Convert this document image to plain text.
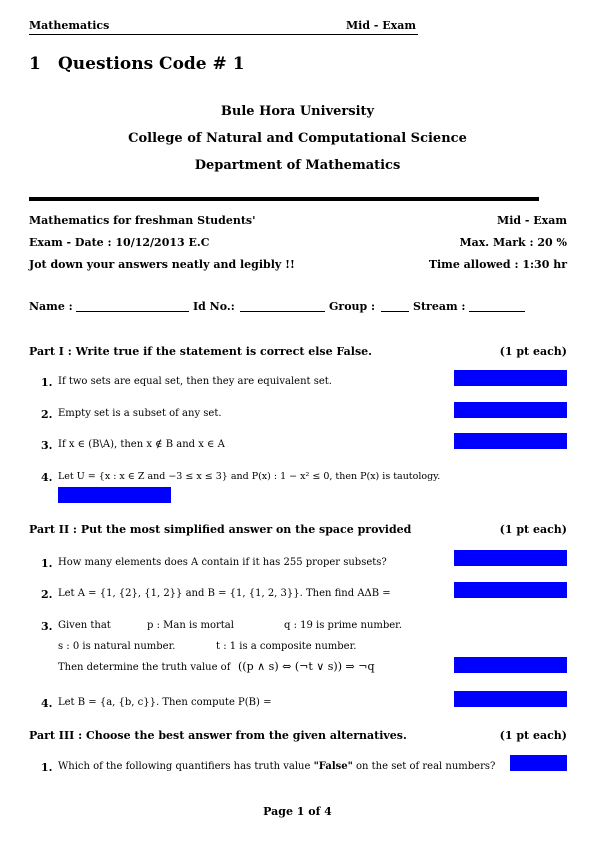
Mathematics	Mid - Exam
1 Questions Code # 1
Bule Hora University
College of Natural and Computational Science
Department of Mathematics
Mathematics for freshman Students'	Mid - Exam
Exam - Date : 10/12/2013 E.C	Max. Mark : 20 %
Jot down your answers neatly and legibly !!	Time allowed : 1:30 hr
Name :	Id No.:	Group :	Stream :
Part I : Write true if the statement is correct else False.	(1 pt each)
1. If two sets are equal set, then they are equivalent set.
2. Empty set is a subset of any set.
3. If x ∈ (B\A), then x ∉ B and x ∈ A
4. Let U = {x : x ∈ Z and −3 ≤ x ≤ 3} and P(x) : 1 − x² ≤ 0, then P(x) is tautology.
Part II : Put the most simplified answer on the space provided	(1 pt each)
1. How many elements does A contain if it has 255 proper subsets?
2. Let A = {1, {2}, {1, 2}} and B = {1, {1, 2, 3}}. Then find AΔB =
3. Given that	p : Man is mortal	q : 19 is prime number.
s : 0 is natural number.	t : 1 is a composite number.
Then determine the truth value of ((p ∧ s) ⇔ (¬t ∨ s)) ⇒ ¬q
4. Let B = {a, {b, c}}. Then compute P(B) =
Part III : Choose the best answer from the given alternatives.	(1 pt each)
1. Which of the following quantifiers has truth value "False" on the set of real numbers?
Page 1 of 4
